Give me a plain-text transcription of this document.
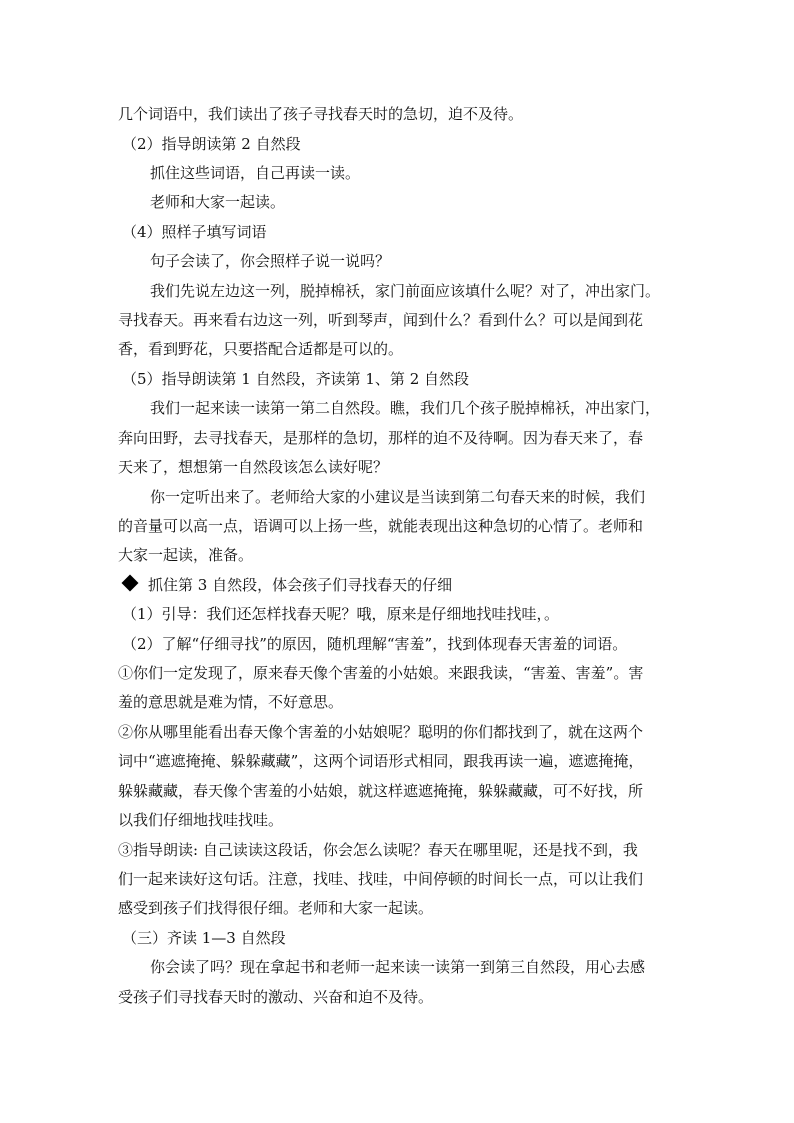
几个词语中，我们读出了孩子寻找春天时的急切，迫不及待。
（2）指导朗读第 2 自然段
抓住这些词语，自己再读一读。
老师和大家一起读。
（4）照样子填写词语
句子会读了，你会照样子说一说吗？
我们先说左边这一列，脱掉棉袄，家门前面应该填什么呢？对了，冲出家门。
寻找春天。再来看右边这一列，听到琴声，闻到什么？看到什么？可以是闻到花
香，看到野花，只要搭配合适都是可以的。
（5）指导朗读第 1 自然段，齐读第 1、第 2 自然段
我们一起来读一读第一第二自然段。瞧，我们几个孩子脱掉棉袄，冲出家门，
奔向田野，去寻找春天，是那样的急切，那样的迫不及待啊。因为春天来了，春
天来了，想想第一自然段该怎么读好呢？
你一定听出来了。老师给大家的小建议是当读到第二句春天来的时候，我们
的音量可以高一点，语调可以上扬一些，就能表现出这种急切的心情了。老师和
大家一起读，准备。
抓住第 3 自然段，体会孩子们寻找春天的仔细
（1）引导：我们还怎样找春天呢？哦，原来是仔细地找哇找哇，。
（2）了解“仔细寻找”的原因，随机理解“害羞”，找到体现春天害羞的词语。
①你们一定发现了，原来春天像个害羞的小姑娘。来跟我读，“害羞、害羞”。害
羞的意思就是难为情，不好意思。
②你从哪里能看出春天像个害羞的小姑娘呢？聪明的你们都找到了，就在这两个
词中“遮遮掩掩、躲躲藏藏”，这两个词语形式相同，跟我再读一遍，遮遮掩掩，
躲躲藏藏，春天像个害羞的小姑娘，就这样遮遮掩掩，躲躲藏藏，可不好找，所
以我们仔细地找哇找哇。
③指导朗读: 自己读读这段话，你会怎么读呢？春天在哪里呢，还是找不到，我
们一起来读好这句话。注意，找哇、找哇，中间停顿的时间长一点，可以让我们
感受到孩子们找得很仔细。老师和大家一起读。
（三）齐读 1—3 自然段
你会读了吗？现在拿起书和老师一起来读一读第一到第三自然段，用心去感
受孩子们寻找春天时的激动、兴奋和迫不及待。
